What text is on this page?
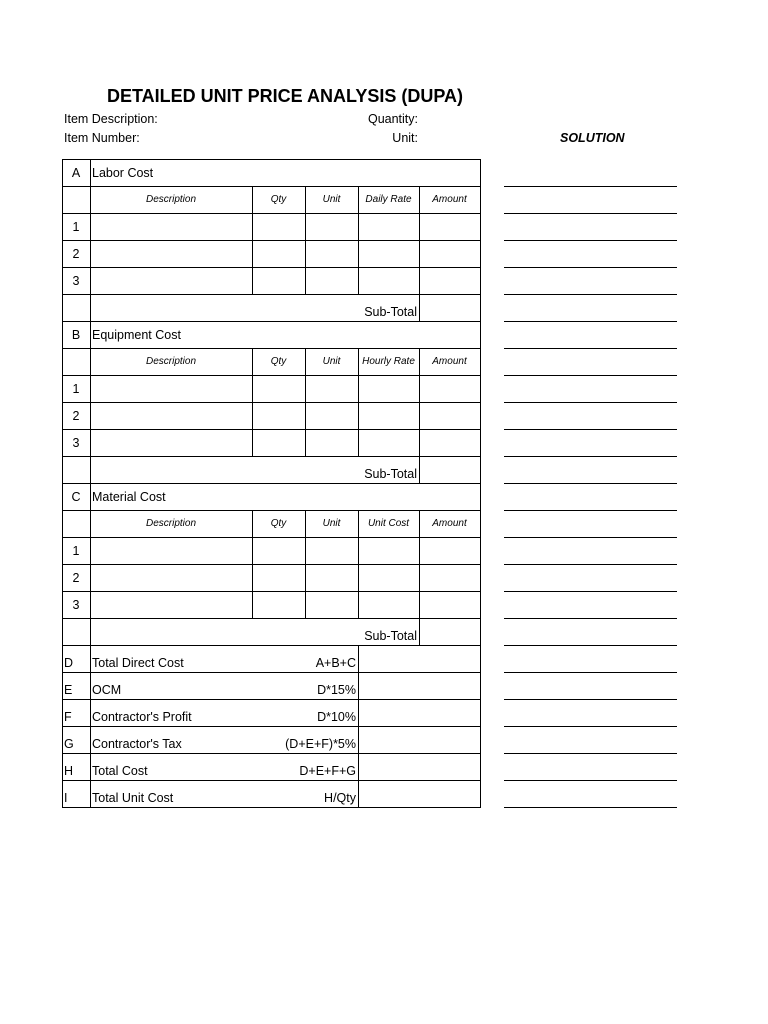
DETAILED UNIT PRICE ANALYSIS (DUPA)
Item Description:
Item Number:
Quantity:
Unit:	SOLUTION
A Labor Cost
Description	Qty	Unit	Daily Rate	Amount
1
2
3
Sub-Total
B Equipment Cost
Description	Qty	Unit	Hourly Rate	Amount
1
2
3
Sub-Total
C Material Cost
Description	Qty	Unit	Unit Cost	Amount
1
2
3
Sub-Total
D	Total Direct Cost	A+B+C
E	OCM	D*15%
F	Contractor's Profit	D*10%
G	Contractor's Tax	(D+E+F)*5%
H	Total Cost	D+E+F+G
I	Total Unit Cost	H/Qty
